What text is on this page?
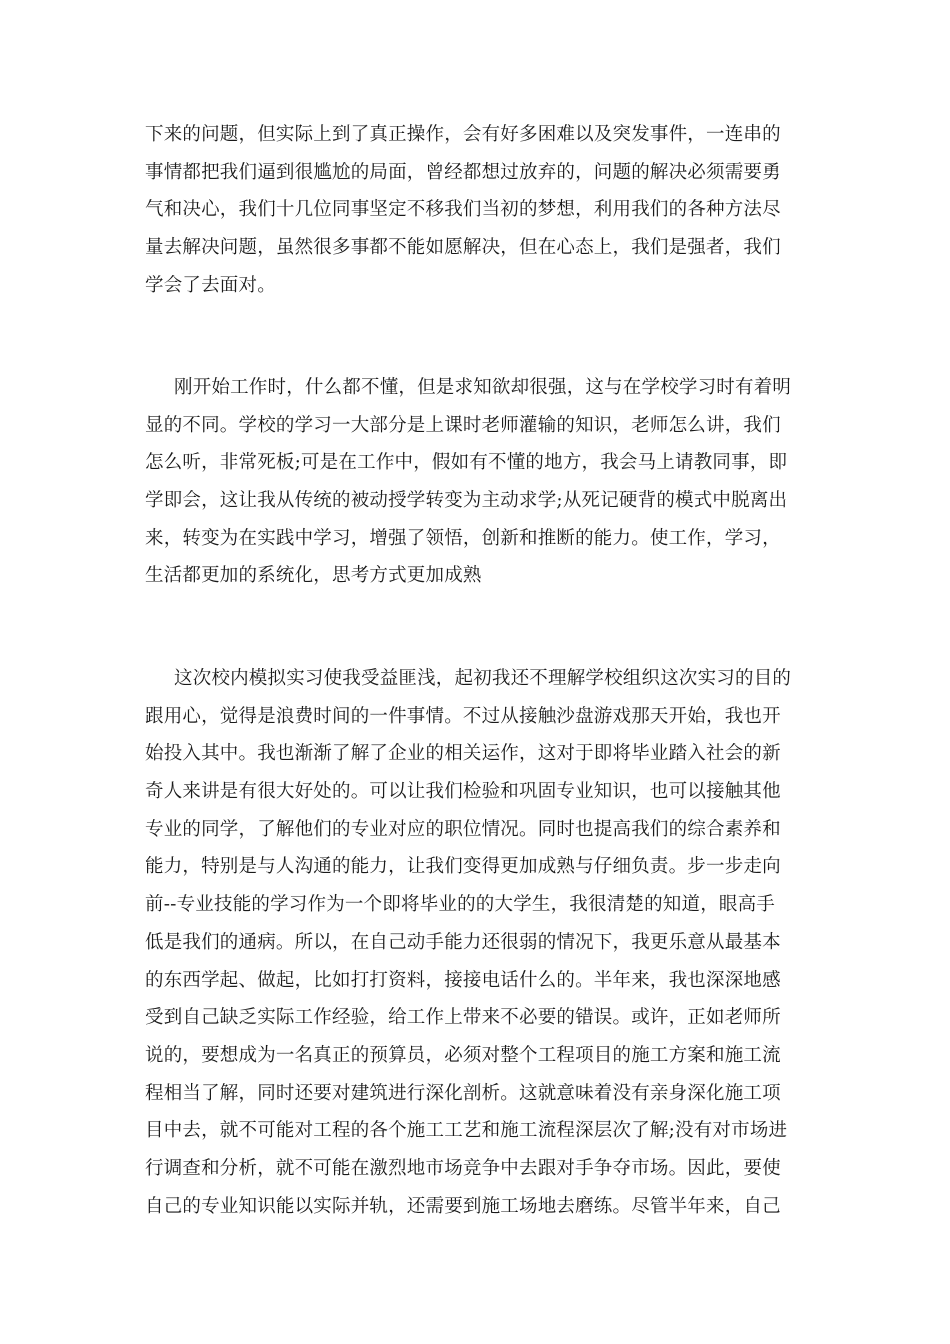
下来的问题，但实际上到了真正操作，会有好多困难以及突发事件，一连串的
事情都把我们逼到很尴尬的局面，曾经都想过放弃的，问题的解决必须需要勇
气和决心，我们十几位同事坚定不移我们当初的梦想，利用我们的各种方法尽
量去解决问题，虽然很多事都不能如愿解决，但在心态上，我们是强者，我们
学会了去面对。

刚开始工作时，什么都不懂，但是求知欲却很强，这与在学校学习时有着明
显的不同。学校的学习一大部分是上课时老师灌输的知识，老师怎么讲，我们
怎么听，非常死板;可是在工作中，假如有不懂的地方，我会马上请教同事，即
学即会，这让我从传统的被动授学转变为主动求学;从死记硬背的模式中脱离出
来，转变为在实践中学习，增强了领悟，创新和推断的能力。使工作，学习，
生活都更加的系统化，思考方式更加成熟

这次校内模拟实习使我受益匪浅，起初我还不理解学校组织这次实习的目的
跟用心，觉得是浪费时间的一件事情。不过从接触沙盘游戏那天开始，我也开
始投入其中。我也渐渐了解了企业的相关运作，这对于即将毕业踏入社会的新
奇人来讲是有很大好处的。可以让我们检验和巩固专业知识，也可以接触其他
专业的同学，了解他们的专业对应的职位情况。同时也提高我们的综合素养和
能力，特别是与人沟通的能力，让我们变得更加成熟与仔细负责。步一步走向
前--专业技能的学习作为一个即将毕业的的大学生，我很清楚的知道，眼高手
低是我们的通病。所以，在自己动手能力还很弱的情况下，我更乐意从最基本
的东西学起、做起，比如打打资料，接接电话什么的。半年来，我也深深地感
受到自己缺乏实际工作经验，给工作上带来不必要的错误。或许，正如老师所
说的，要想成为一名真正的预算员，必须对整个工程项目的施工方案和施工流
程相当了解，同时还要对建筑进行深化剖析。这就意味着没有亲身深化施工项
目中去，就不可能对工程的各个施工工艺和施工流程深层次了解;没有对市场进
行调查和分析，就不可能在激烈地市场竞争中去跟对手争夺市场。因此，要使
自己的专业知识能以实际并轨，还需要到施工场地去磨练。尽管半年来，自己
